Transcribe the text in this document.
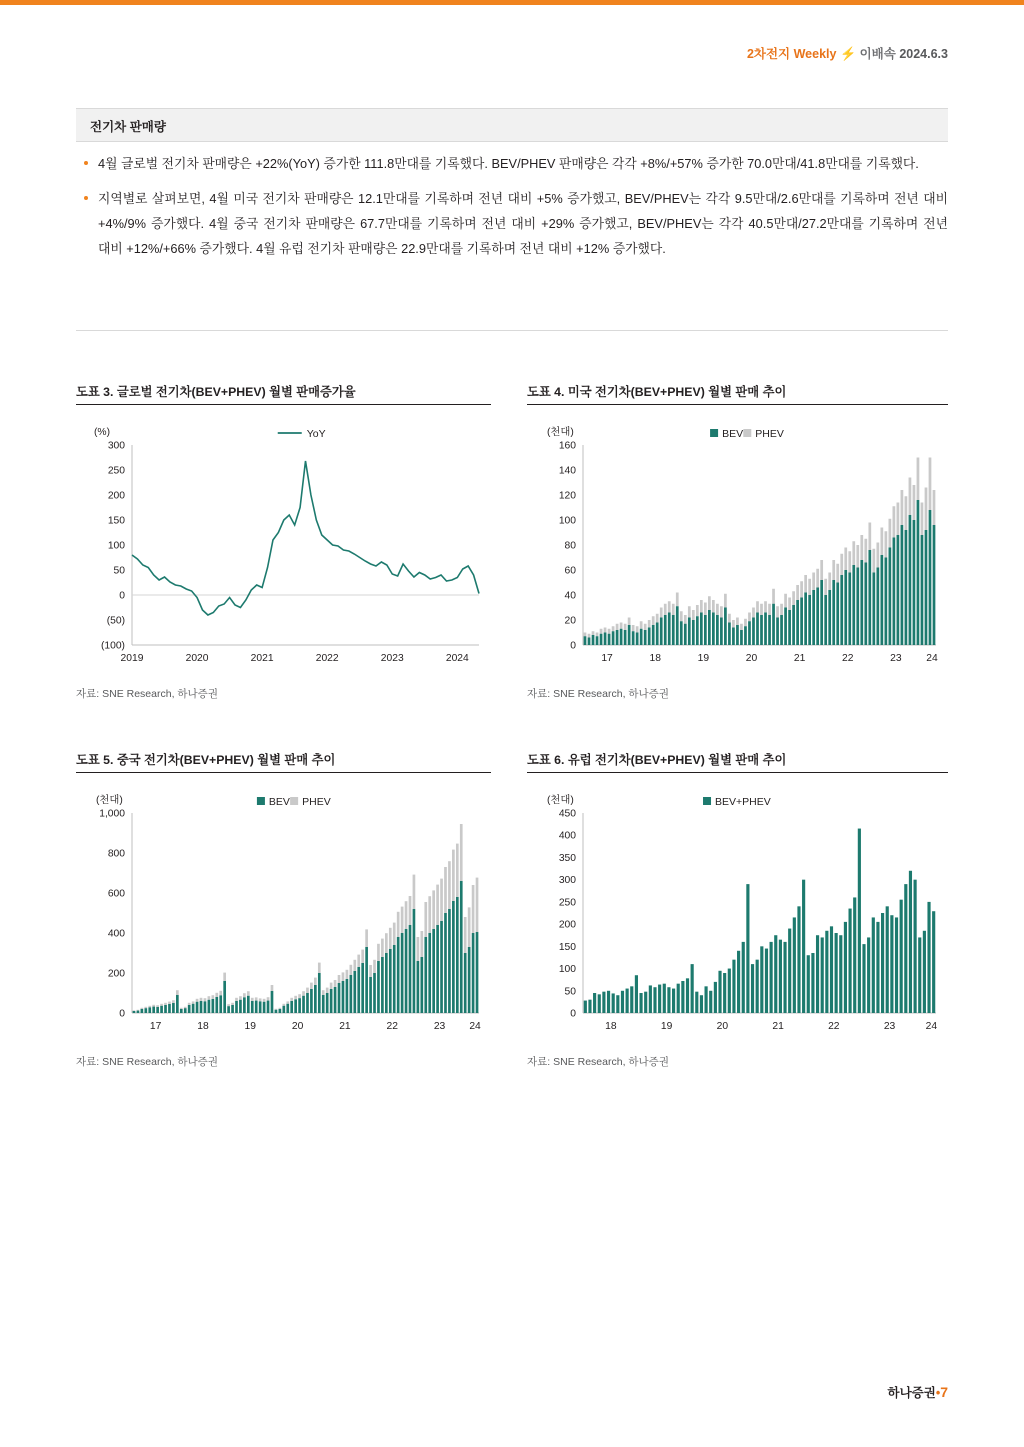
2차전지 Weekly ⚡ 이배속 2024.6.3
전기차 판매량

4월 글로벌 전기차 판매량은 +22%(YoY) 증가한 111.8만대를 기록했다. BEV/PHEV 판매량은 각각 +8%/+57% 증가한 70.0만대/41.8만대를 기록했다.

지역별로 살펴보면, 4월 미국 전기차 판매량은 12.1만대를 기록하며 전년 대비 +5% 증가했고, BEV/PHEV는 각각 9.5만대/2.6만대를 기록하며 전년 대비 +4%/9% 증가했다. 4월 중국 전기차 판매량은 67.7만대를 기록하며 전년 대비 +29% 증가했고, BEV/PHEV는 각각 40.5만대/27.2만대를 기록하며 전년 대비 +12%/+66% 증가했다. 4월 유럽 전기차 판매량은 22.9만대를 기록하며 전년 대비 +12% 증가했다.

도표 3. 글로벌 전기차(BEV+PHEV) 월별 판매증가율

(%)
300
250
200
150
100
50
0
(50)
(100)
2019	2020	2021	2022	2023	2024
YoY
자료: SNE Research, 하나증권

도표 4. 미국 전기차(BEV+PHEV) 월별 판매 추이

(천대)
0
20
40
60
80
100
120
140
160
17	18	19	20	21	22	23 24
BEV PHEV
자료: SNE Research, 하나증권

도표 5. 중국 전기차(BEV+PHEV) 월별 판매 추이

(천대)
0
200
400
600
800
1,000
17	18	19	20	21	22	23 24
BEV PHEV
자료: SNE Research, 하나증권

도표 6. 유럽 전기차(BEV+PHEV) 월별 판매 추이

(천대)
0
50
100
150
200
250
300
350
400
450
18	19	20	21	22	23	24
BEV+PHEV
자료: SNE Research, 하나증권
하나증권•7
